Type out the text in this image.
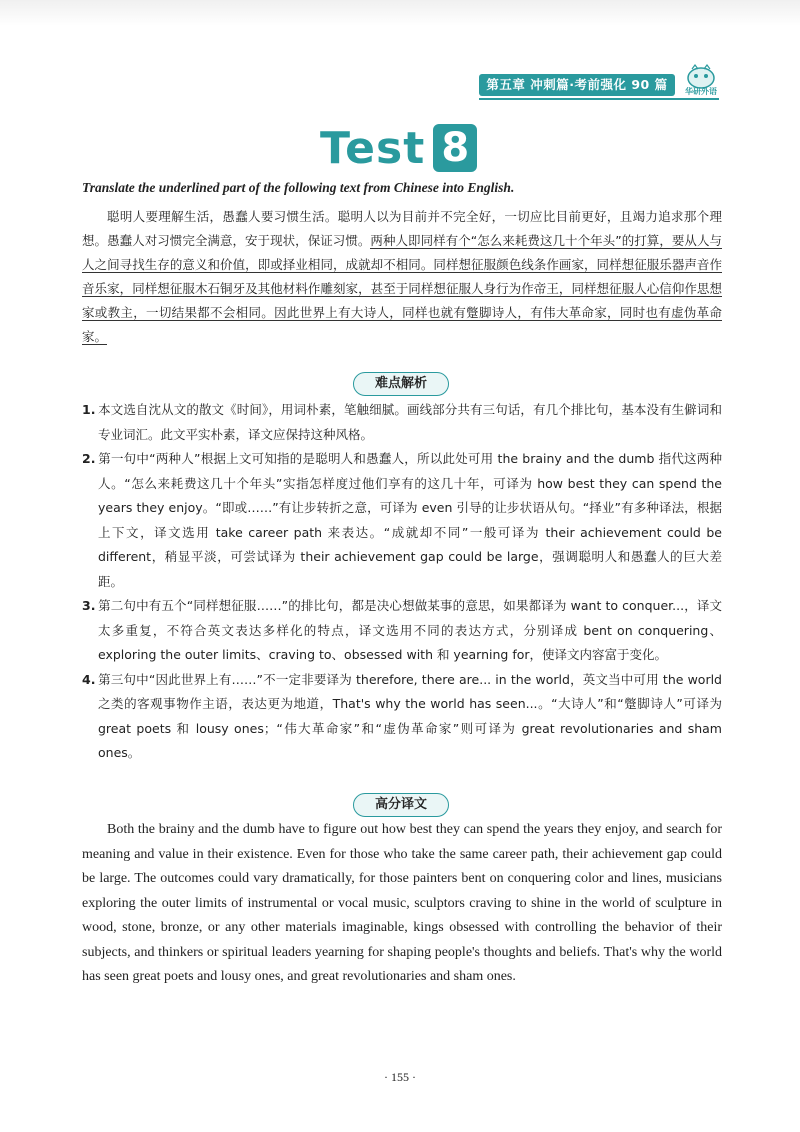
第五章 冲刺篇·考前强化 90 篇	华研外语
Test 8
Translate the underlined part of the following text from Chinese into English.
聪明人要理解生活，愚蠢人要习惯生活。聪明人以为目前并不完全好，一切应比目前更好，且竭力追求那个理想。愚蠢人对习惯完全满意，安于现状，保证习惯。两种人即同样有个“怎么来耗费这几十个年头”的打算，要从人与人之间寻找生存的意义和价值，即或择业相同，成就却不相同。同样想征服颜色线条作画家，同样想征服乐器声音作音乐家，同样想征服木石铜牙及其他材料作雕刻家，甚至于同样想征服人身行为作帝王，同样想征服人心信仰作思想家或教主，一切结果都不会相同。因此世界上有大诗人，同样也就有蹩脚诗人，有伟大革命家，同时也有虚伪革命家。
难点解析
1. 本文选自沈从文的散文《时间》，用词朴素，笔触细腻。画线部分共有三句话，有几个排比句，基本没有生僻词和专业词汇。此文平实朴素，译文应保持这种风格。
2. 第一句中“两种人”根据上文可知指的是聪明人和愚蠢人，所以此处可用 the brainy and the dumb 指代这两种人。“怎么来耗费这几十个年头”实指怎样度过他们享有的这几十年，可译为 how best they can spend the years they enjoy。“即或……”有让步转折之意，可译为 even 引导的让步状语从句。“择业”有多种译法，根据上下文，译文选用 take career path 来表达。“成就却不同”一般可译为 their achievement could be different，稍显平淡，可尝试译为 their achievement gap could be large，强调聪明人和愚蠢人的巨大差距。
3. 第二句中有五个“同样想征服……”的排比句，都是决心想做某事的意思，如果都译为 want to conquer...，译文太多重复，不符合英文表达多样化的特点，译文选用不同的表达方式，分别译成 bent on conquering、exploring the outer limits、craving to、obsessed with 和 yearning for，使译文内容富于变化。
4. 第三句中“因此世界上有……”不一定非要译为 therefore, there are... in the world，英文当中可用 the world 之类的客观事物作主语，表达更为地道，That's why the world has seen...。“大诗人”和“蹩脚诗人”可译为 great poets 和 lousy ones；“伟大革命家”和“虚伪革命家”则可译为 great revolutionaries and sham ones。
高分译文
Both the brainy and the dumb have to figure out how best they can spend the years they enjoy, and search for meaning and value in their existence. Even for those who take the same career path, their achievement gap could be large. The outcomes could vary dramatically, for those painters bent on conquering color and lines, musicians exploring the outer limits of instrumental or vocal music, sculptors craving to shine in the world of sculpture in wood, stone, bronze, or any other materials imaginable, kings obsessed with controlling the behavior of their subjects, and thinkers or spiritual leaders yearning for shaping people's thoughts and beliefs. That's why the world has seen great poets and lousy ones, and great revolutionaries and sham ones.
· 155 ·
